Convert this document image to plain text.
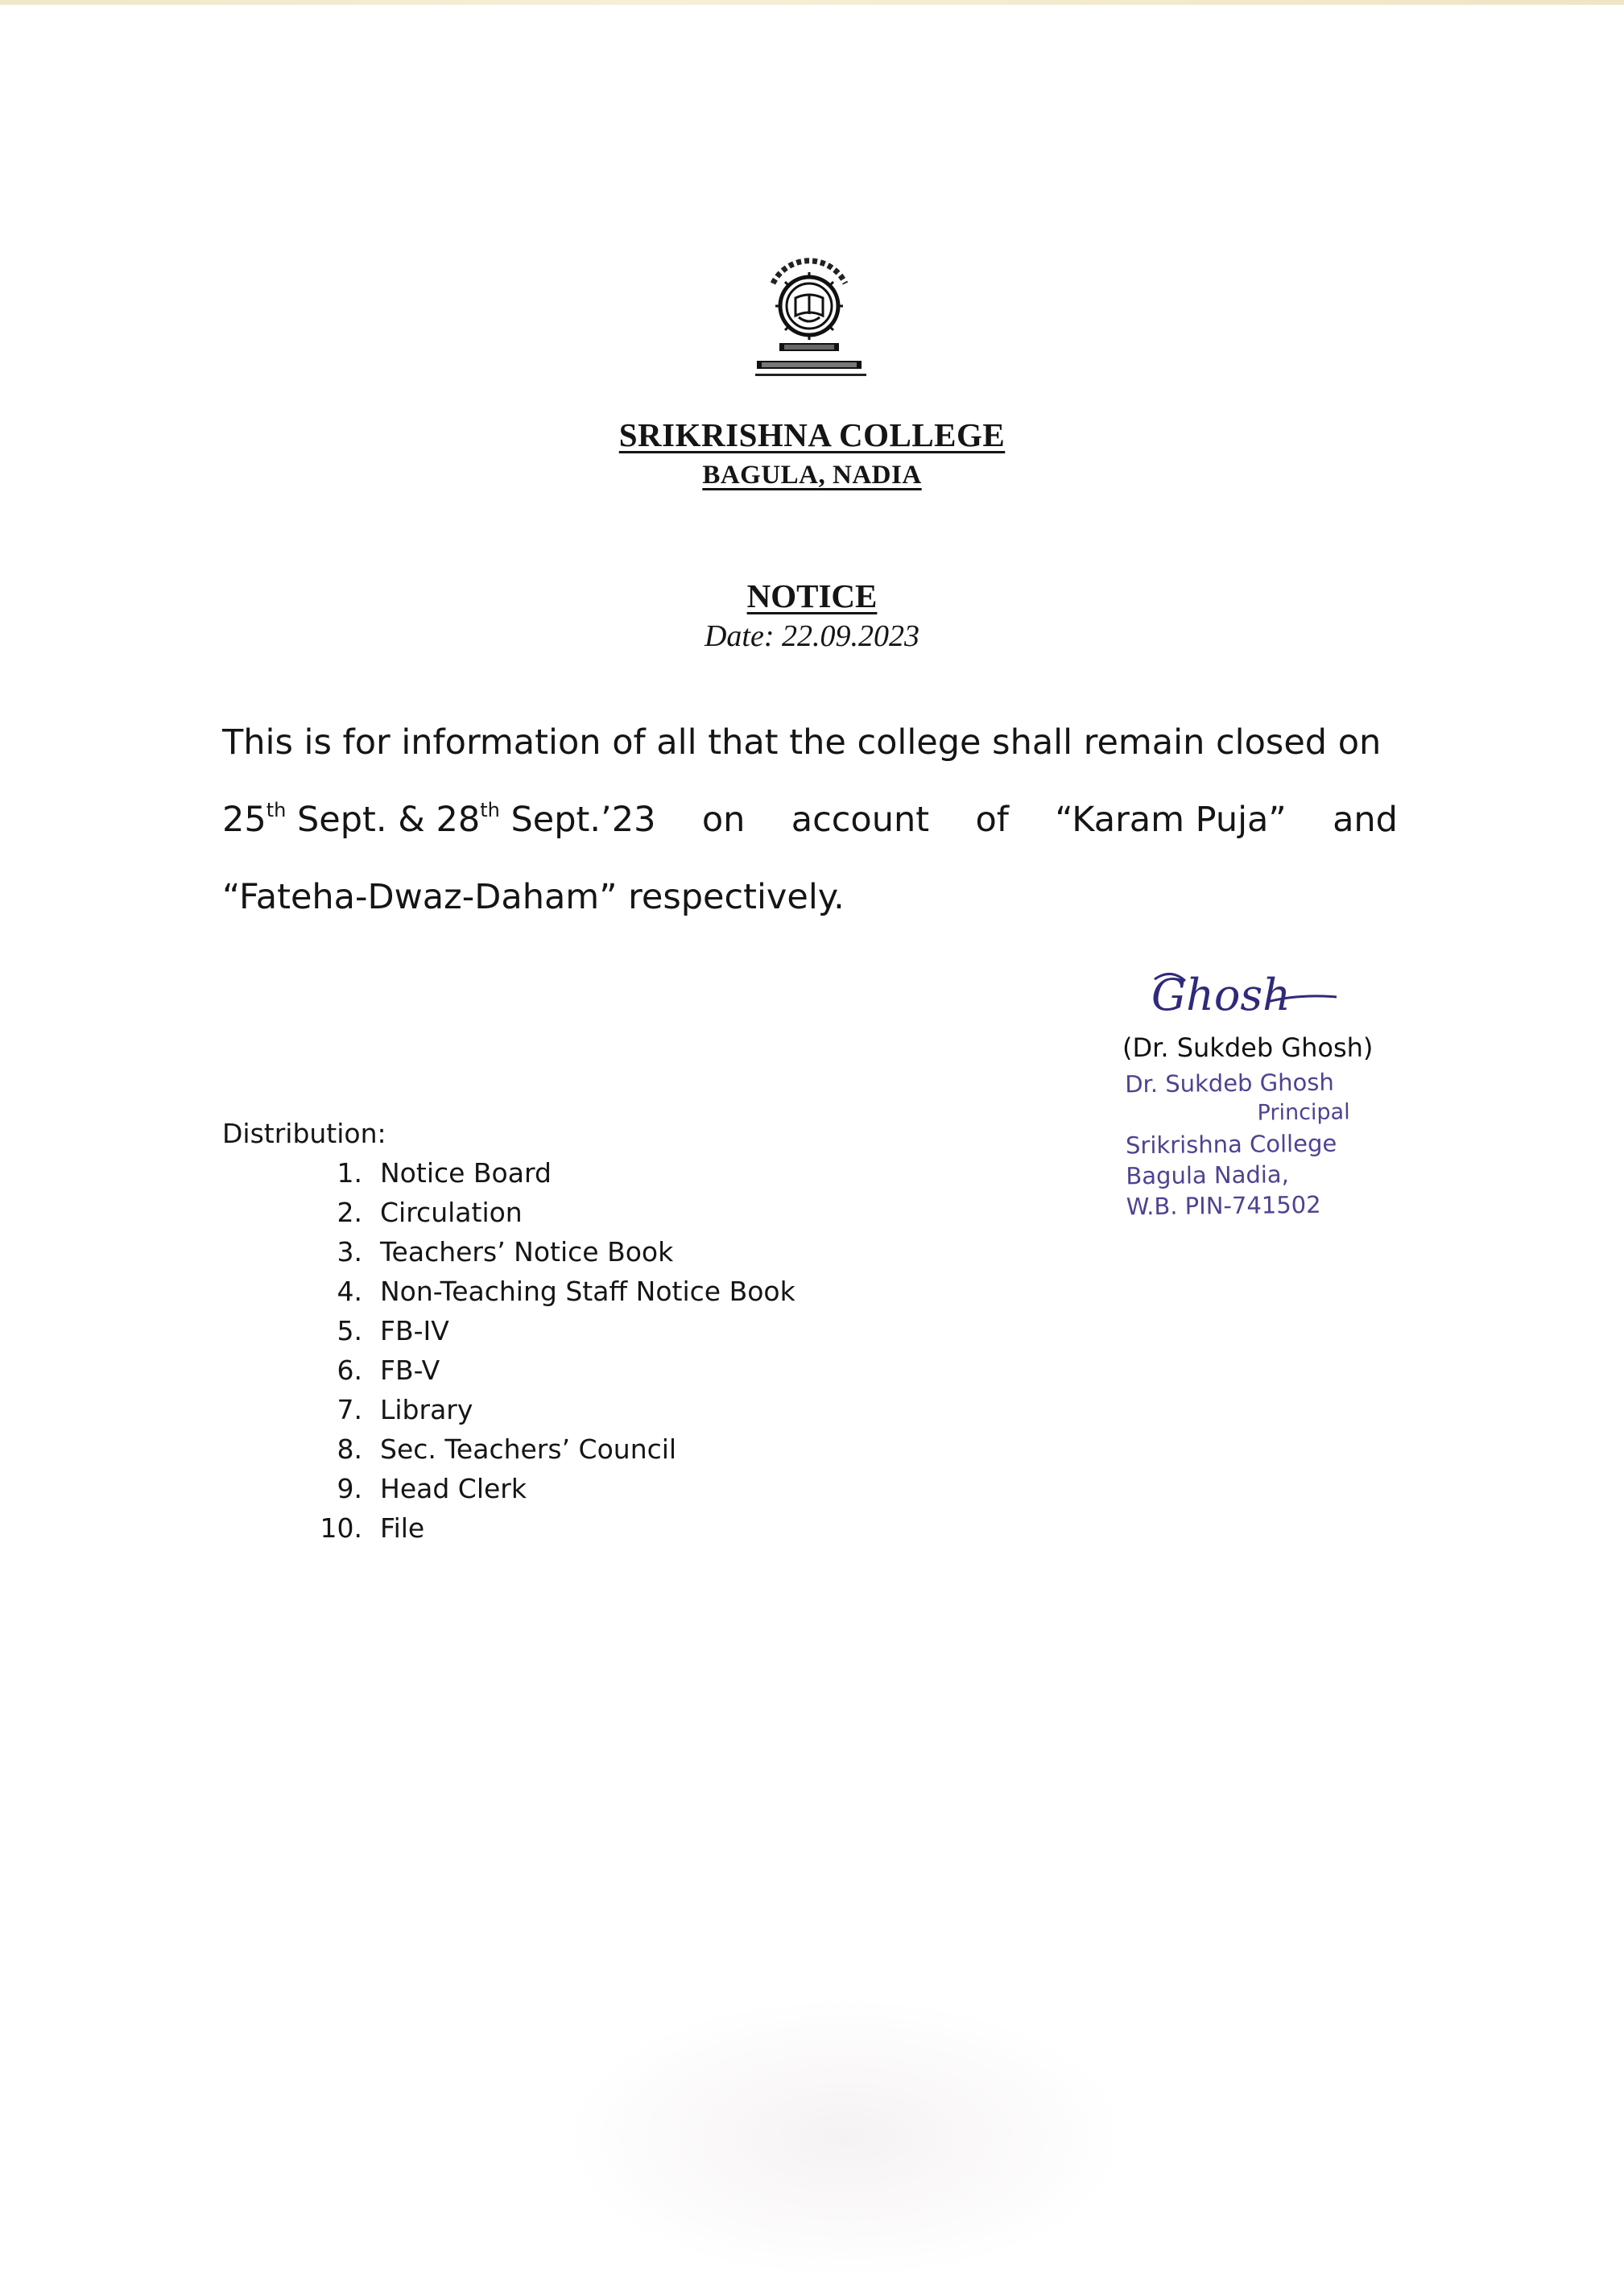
SRIKRISHNA COLLEGE
BAGULA, NADIA
NOTICE
Date: 22.09.2023
This is for information of all that the college shall remain closed on
25th Sept. & 28th Sept.’23 on account of “Karam Puja” and
“Fateha-Dwaz-Daham” respectively.
Ghosh
(Dr. Sukdeb Ghosh)
Dr. Sukdeb Ghosh
Principal
Srikrishna College
Bagula Nadia,
W.B. PIN-741502
Distribution:
1. Notice Board
2. Circulation
3. Teachers’ Notice Book
4. Non-Teaching Staff Notice Book
5. FB-IV
6. FB-V
7. Library
8. Sec. Teachers’ Council
9. Head Clerk
10. File
